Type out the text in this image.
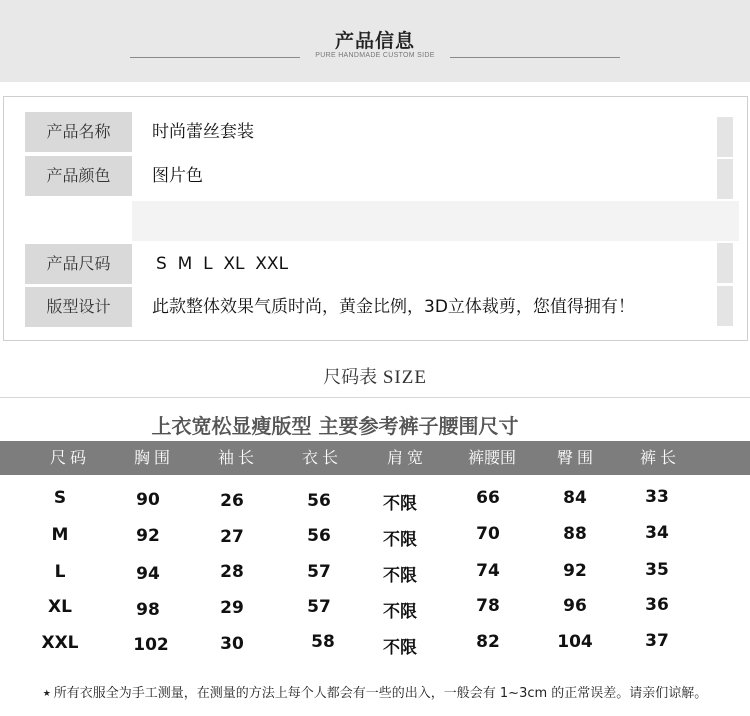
产品信息
PURE HANDMADE CUSTOM SIDE
产品名称	时尚蕾丝套装
产品颜色	图片色
产品尺码	S  M  L  XL  XXL
版型设计	此款整体效果气质时尚，黄金比例，3D立体裁剪，您值得拥有！
尺码表 SIZE
上衣宽松显瘦版型 主要参考裤子腰围尺寸
尺码	胸围	袖长	衣长	肩宽	裤腰围	臀围	裤长
S	90	26	56	不限	66	84	33
M	92	27	56	不限	70	88	34
L	94	28	57	不限	74	92	35
XL	98	29	57	不限	78	96	36
XXL	102	30	58	不限	82	104	37
★ 所有衣服全为手工测量，在测量的方法上每个人都会有一些的出入，一般会有 1~3cm 的正常误差。请亲们谅解。
